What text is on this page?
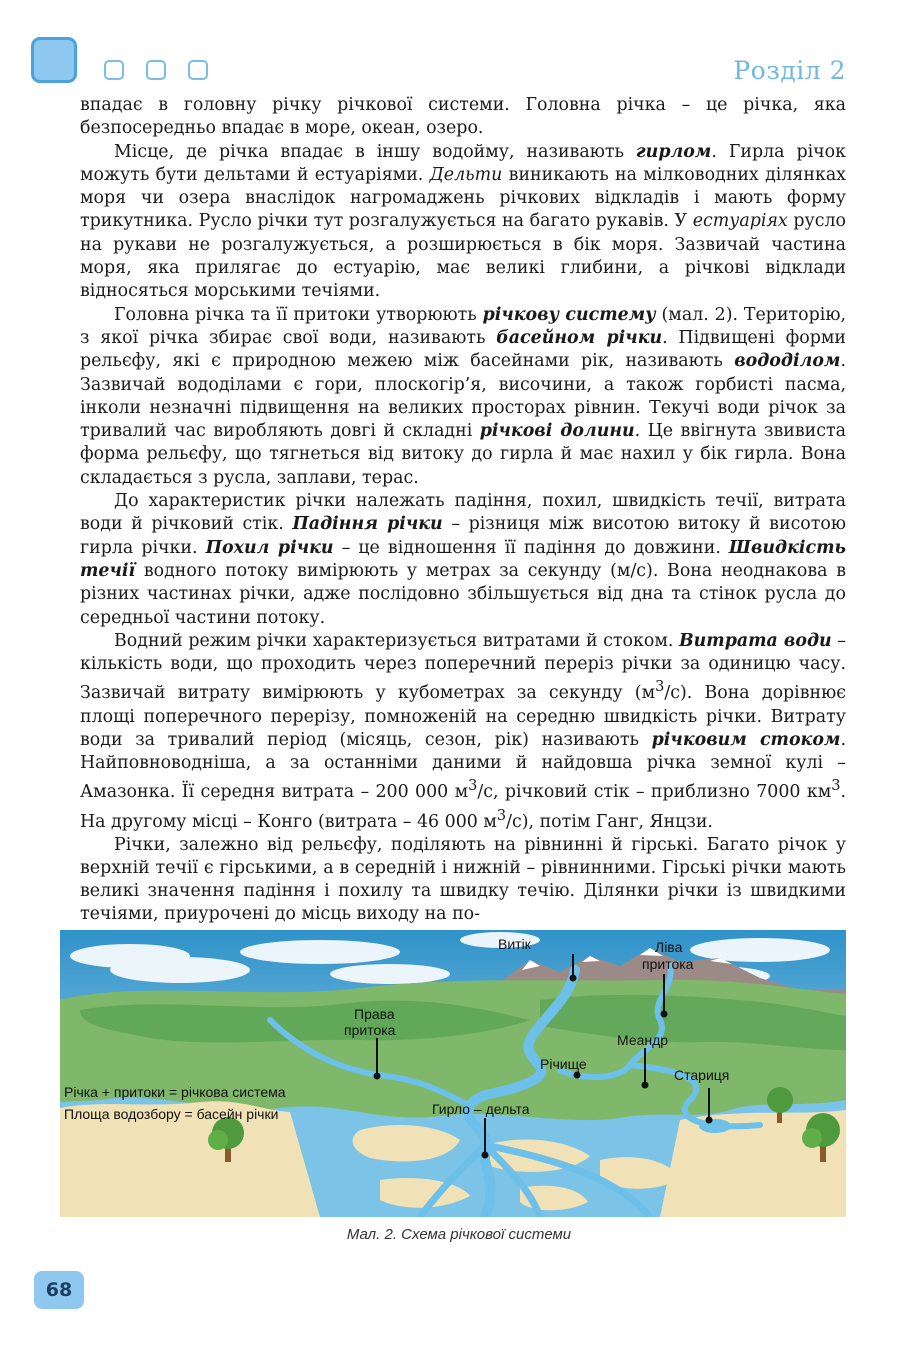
Розділ 2

впадає в головну річку річкової системи. Головна річка – це річка, яка безпосередньо впадає в море, океан, озеро.

Місце, де річка впадає в іншу водойму, називають гирлом. Гирла річок можуть бути дельтами й естуаріями. Дельти виникають на мілководних ділянках моря чи озера внаслідок нагромаджень річкових відкладів і мають форму трикутника. Русло річки тут розгалужується на багато рукавів. У естуаріях русло на рукави не розгалужується, а розширюється в бік моря. Зазвичай частина моря, яка прилягає до естуарію, має великі глибини, а річкові відклади відносяться морськими течіями.

Головна річка та її притоки утворюють річкову систему (мал. 2). Територію, з якої річка збирає свої води, називають басейном річки. Підвищені форми рельєфу, які є природною межею між басейнами рік, називають вододілом. Зазвичай вододілами є гори, плоскогір’я, височини, а також горбисті пасма, інколи незначні підвищення на великих просторах рівнин. Текучі води річок за тривалий час виробляють довгі й складні річкові долини. Це ввігнута звивиста форма рельєфу, що тягнеться від витоку до гирла й має нахил у бік гирла. Вона складається з русла, заплави, терас.

До характеристик річки належать падіння, похил, швидкість течії, витрата води й річковий стік. Падіння річки – різниця між висотою витоку й висотою гирла річки. Похил річки – це відношення її падіння до довжини. Швидкість течії водного потоку вимірюють у метрах за секунду (м/с). Вона неоднакова в різних частинах річки, адже послідовно збільшується від дна та стінок русла до середньої частини потоку.

Водний режим річки характеризується витратами й стоком. Витрата води – кількість води, що проходить через поперечний переріз річки за одиницю часу. Зазвичай витрату вимірюють у кубометрах за секунду $(м^3/с)$. Вона дорівнює площі поперечного перерізу, помноженій на середню швидкість річки. Витрату води за тривалий період (місяць, сезон, рік) називають річковим стоком. Найповноводніша, а за останніми даними й найдовша річка земної кулі – Амазонка. Її середня витрата – 200 000 $м^3/с$, річковий стік – приблизно 7000 $км^3$. На другому місці – Конго (витрата – 46 000 $м^3/с$), потім Ганг, Янцзи.

Річки, залежно від рельєфу, поділяють на рівнинні й гірські. Багато річок у верхній течії є гірськими, а в середній і нижній – рівнинними. Гірські річки мають великі значення падіння і похилу та швидку течію. Ділянки річки із швидкими течіями, приурочені до місць виходу на по-

Витік	Ліва
притока
Права
притока
Меандр
Річище
Стариця
Гирло – дельта
Річка + притоки = річкова система
Площа водозбору = басейн річки
Мал. 2. Схема річкової системи
68
